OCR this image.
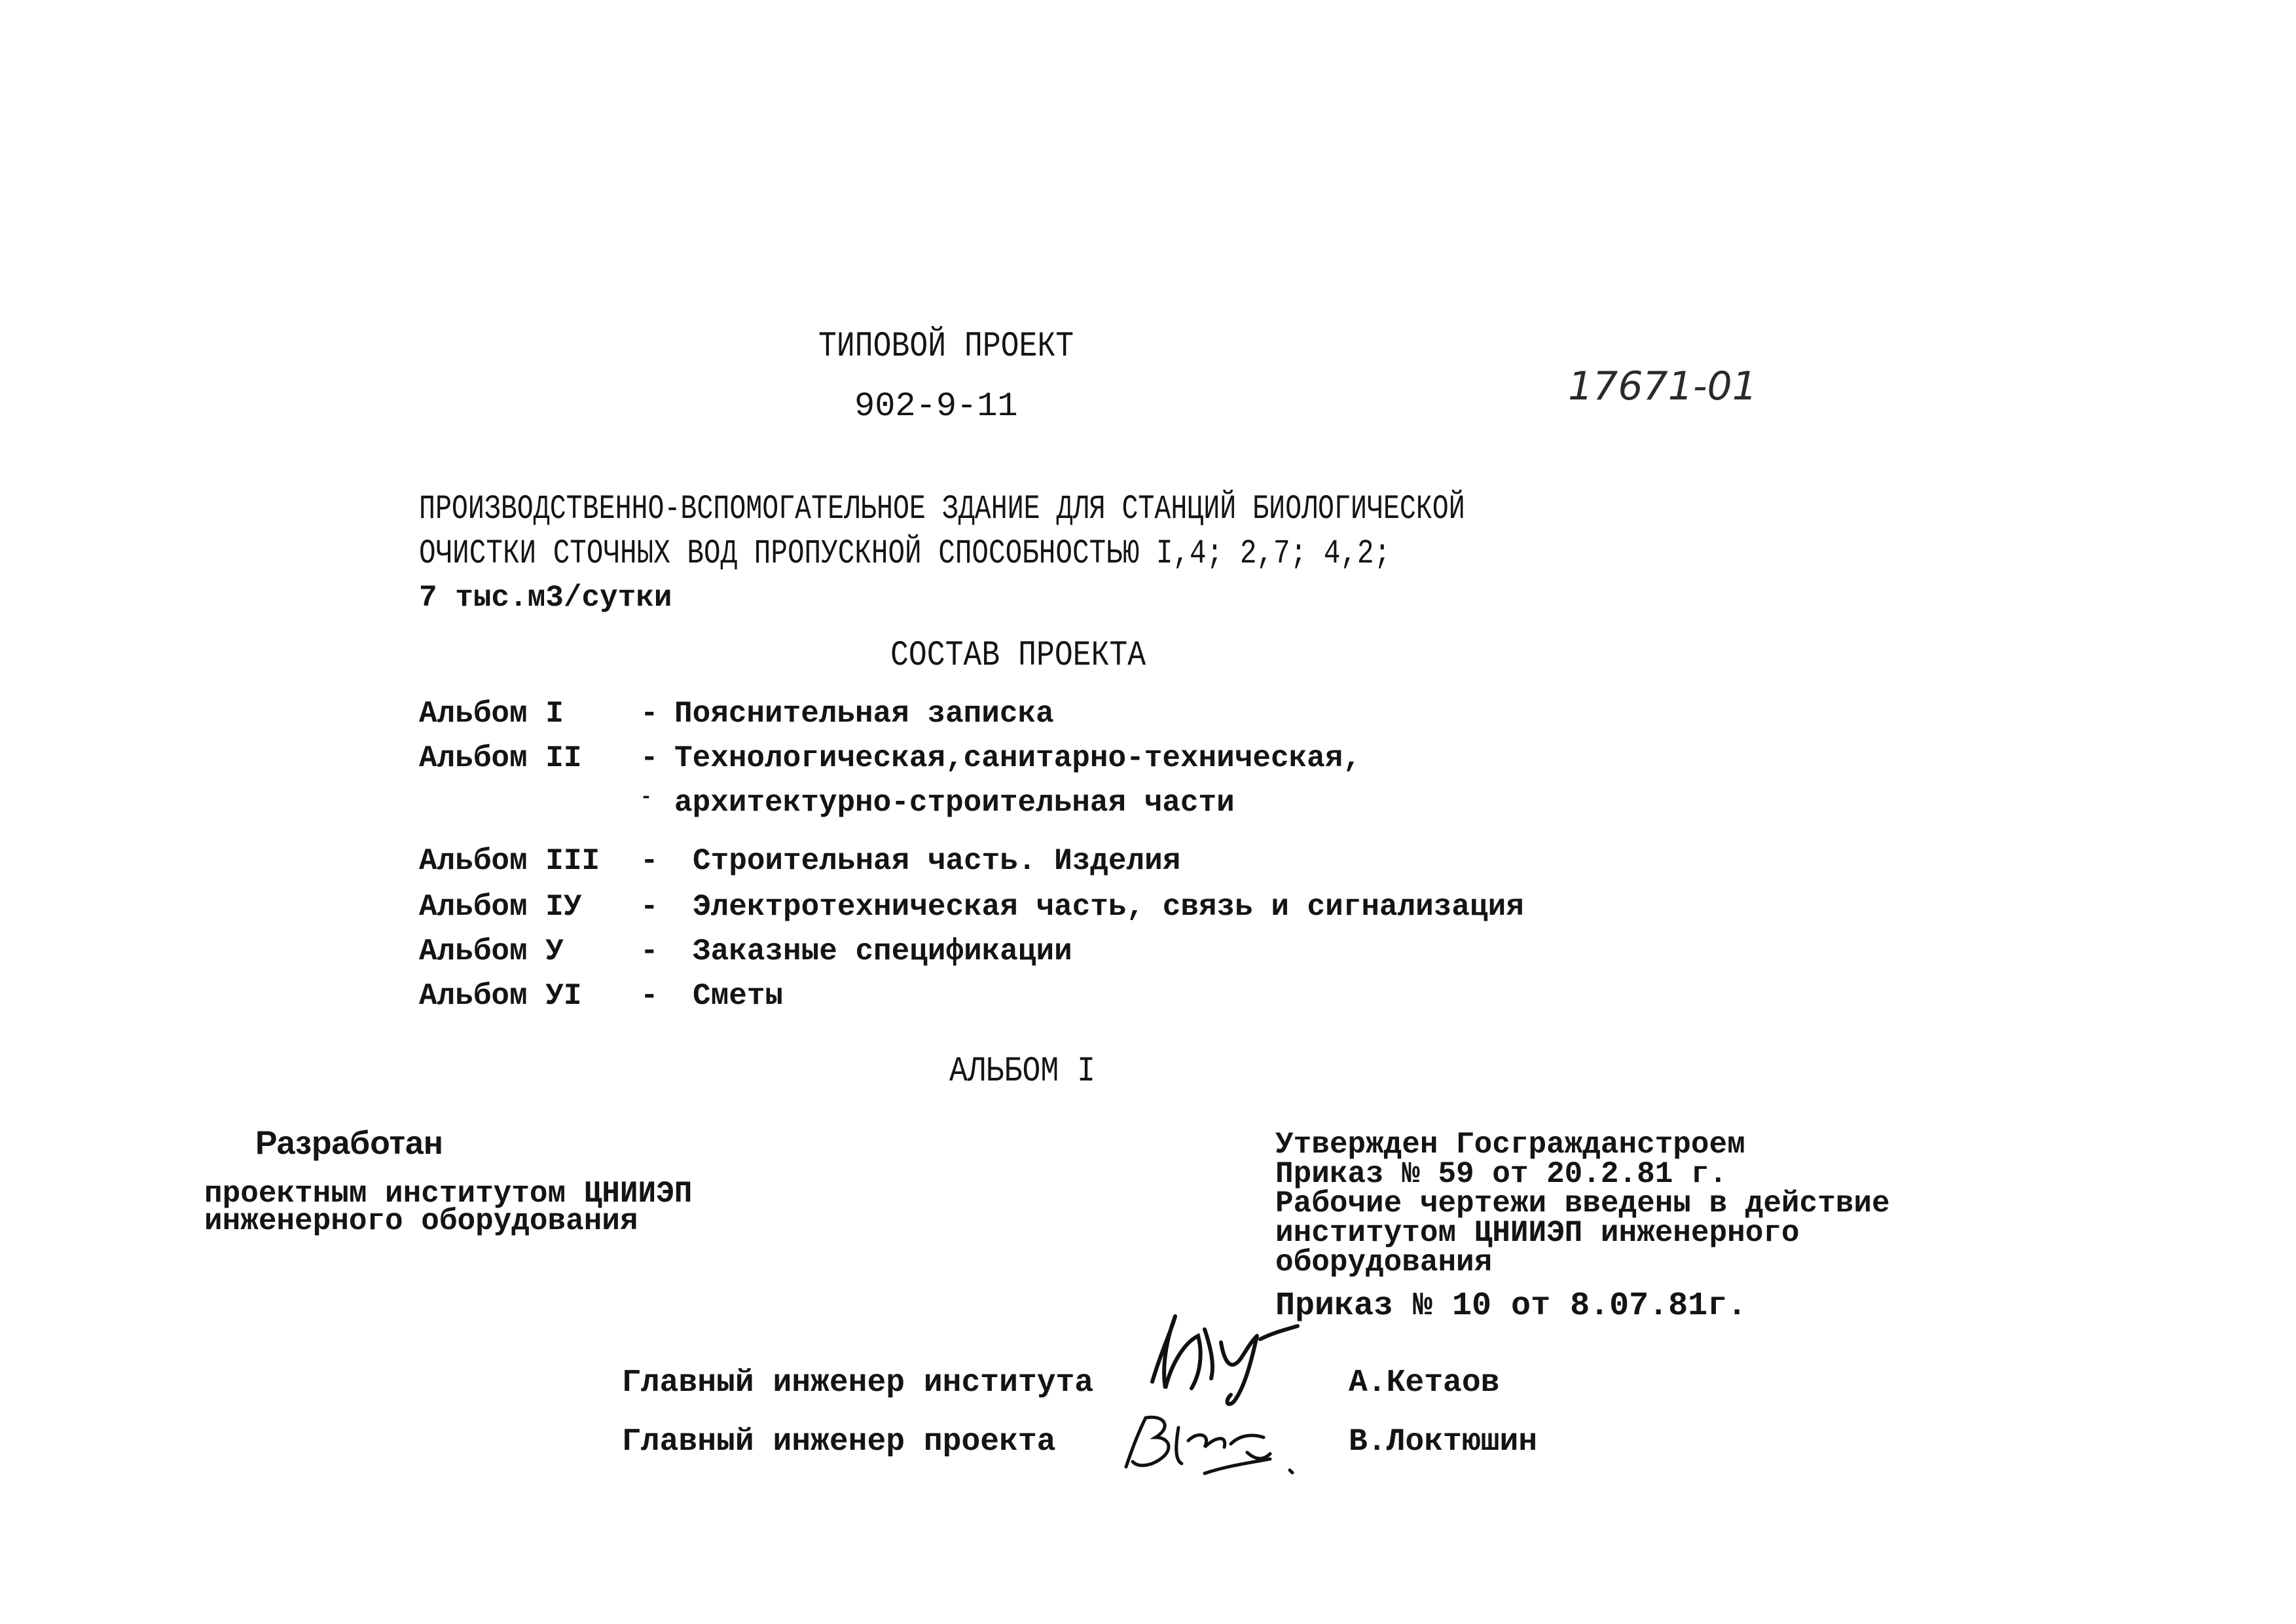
ТИПОВОЙ ПРОЕКТ
902-9-11	17671-01
ПРОИЗВОДСТВЕННО-ВСПОМОГАТЕЛЬНОЕ ЗДАНИЕ ДЛЯ СТАНЦИЙ БИОЛОГИЧЕСКОЙ
ОЧИСТКИ СТОЧНЫХ ВОД ПРОПУСКНОЙ СПОСОБНОСТЬЮ I,4; 2,7; 4,2;
7 тыс.м3/сутки
СОСТАВ ПРОЕКТА
Альбом I	- Пояснительная записка
Альбом II - Технологическая,санитарно-техническая,
- архитектурно-строительная части
Альбом III - Строительная часть. Изделия
Альбом IУ - Электротехническая часть, связь и сигнализация
Альбом У	- Заказные спецификации
Альбом УI - Сметы
АЛЬБОМ I
Разработан
проектным институтом ЦНИИЭП
инженерного оборудования
Утвержден Госгражданстроем
Приказ № 59 от 20.2.81 г.
Рабочие чертежи введены в действие
институтом ЦНИИЭП инженерного
оборудования
Приказ № 10 от 8.07.81г.
Главный инженер института	А.Кетаов
Главный инженер проекта	В.Локтюшин
